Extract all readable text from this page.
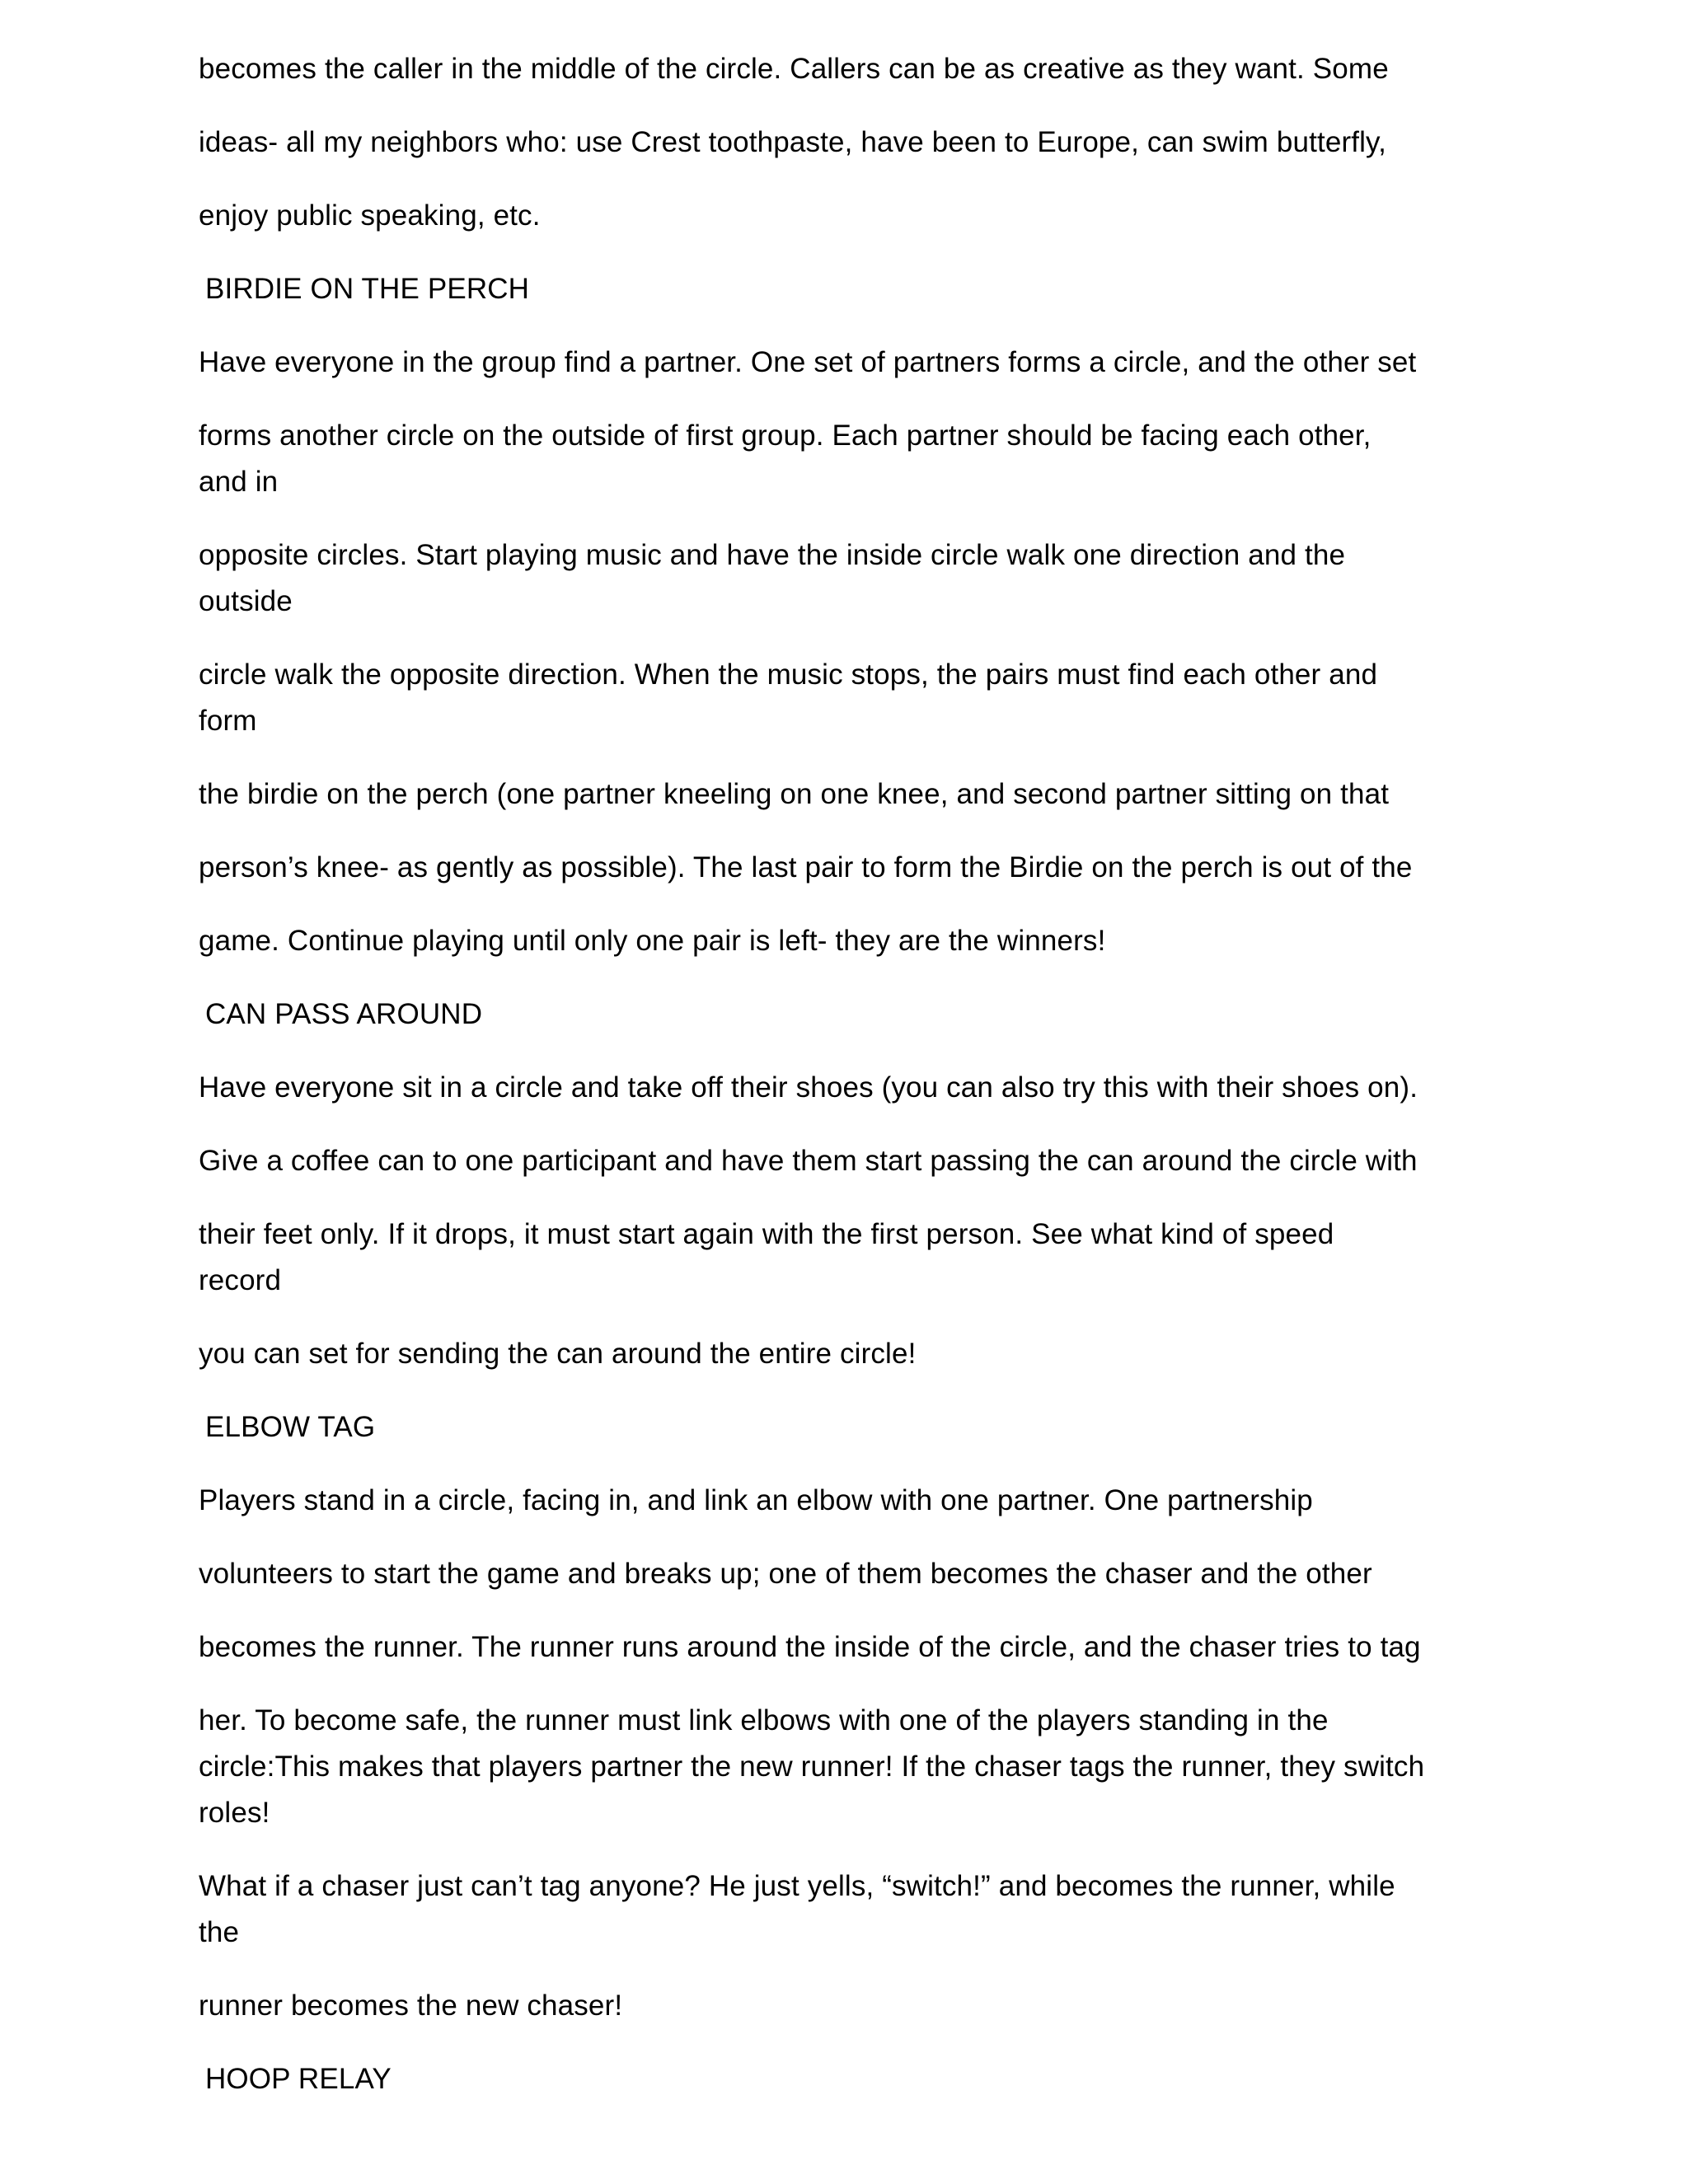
becomes the caller in the middle of the circle. Callers can be as creative as they want. Some

ideas- all my neighbors who: use Crest toothpaste, have been to Europe, can swim butterfly,

enjoy public speaking, etc.

BIRDIE ON THE PERCH

Have everyone in the group find a partner. One set of partners forms a circle, and the other set

forms another circle on the outside of first group. Each partner should be facing each other,

and in

opposite circles. Start playing music and have the inside circle walk one direction and the

outside

circle walk the opposite direction. When the music stops, the pairs must find each other and

form

the birdie on the perch (one partner kneeling on one knee, and second partner sitting on that

person’s knee- as gently as possible). The last pair to form the Birdie on the perch is out of the

game. Continue playing until only one pair is left- they are the winners!

CAN PASS AROUND

Have everyone sit in a circle and take off their shoes (you can also try this with their shoes on).

Give a coffee can to one participant and have them start passing the can around the circle with

their feet only. If it drops, it must start again with the first person. See what kind of speed

record

you can set for sending the can around the entire circle!

ELBOW TAG

Players stand in a circle, facing in, and link an elbow with one partner. One partnership

volunteers to start the game and breaks up; one of them becomes the chaser and the other

becomes the runner. The runner runs around the inside of the circle, and the chaser tries to tag

her. To become safe, the runner must link elbows with one of the players standing in the

circle:This makes that players partner the new runner! If the chaser tags the runner, they switch

roles!

What if a chaser just can’t tag anyone? He just yells, “switch!” and becomes the runner, while

the

runner becomes the new chaser!

HOOP RELAY
